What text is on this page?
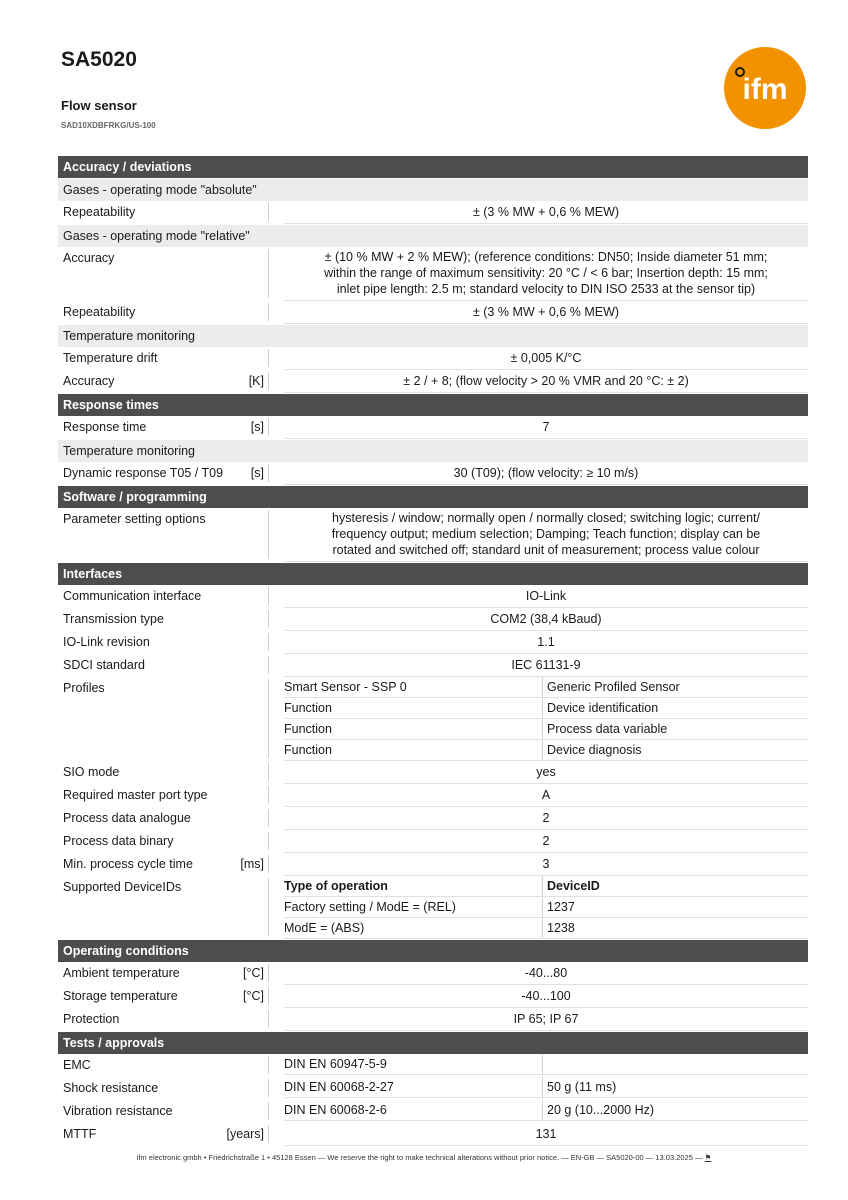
SA5020
Flow sensor
SAD10XDBFRKG/US-100
ifm
Accuracy / deviations
Gases - operating mode "absolute"
Repeatability	± (3 % MW + 0,6 % MEW)
Gases - operating mode "relative"
Accuracy	± (10 % MW + 2 % MEW); (reference conditions: DN50; Inside diameter 51 mm; within the range of maximum sensitivity: 20 °C / < 6 bar; Insertion depth: 15 mm; inlet pipe length: 2.5 m; standard velocity to DIN ISO 2533 at the sensor tip)
Repeatability	± (3 % MW + 0,6 % MEW)
Temperature monitoring
Temperature drift	± 0,005 K/°C
Accuracy	[K]	± 2 / + 8; (flow velocity > 20 % VMR and 20 °C: ± 2)
Response times
Response time	[s]	7
Temperature monitoring
Dynamic response T05 / T09 [s]	30 (T09); (flow velocity: ≥ 10 m/s)
Software / programming
Parameter setting options	hysteresis / window; normally open / normally closed; switching logic; current/ frequency output; medium selection; Damping; Teach function; display can be rotated and switched off; standard unit of measurement; process value colour
Interfaces
Communication interface	IO-Link
Transmission type	COM2 (38,4 kBaud)
IO-Link revision	1.1
SDCI standard	IEC 61131-9
Profiles	Smart Sensor - SSP 0	Generic Profiled Sensor
Function	Device identification
Function	Process data variable
Function	Device diagnosis
SIO mode	yes
Required master port type	A
Process data analogue	2
Process data binary	2
Min. process cycle time	[ms]	3
Supported DeviceIDs	Type of operation	DeviceID
Factory setting / ModE = (REL)	1237
ModE = (ABS)	1238
Operating conditions
Ambient temperature	[°C]	-40...80
Storage temperature	[°C]	-40...100
Protection	IP 65; IP 67
Tests / approvals
EMC	DIN EN 60947-5-9
Shock resistance	DIN EN 60068-2-27	50 g (11 ms)
Vibration resistance	DIN EN 60068-2-6	20 g (10...2000 Hz)
MTTF	[years]	131
ifm electronic gmbh • Friedrichstraße 1 • 45128 Essen — We reserve the right to make technical alterations without prior notice. — EN-GB — SA5020-00 — 13.03.2025 — ⚑
